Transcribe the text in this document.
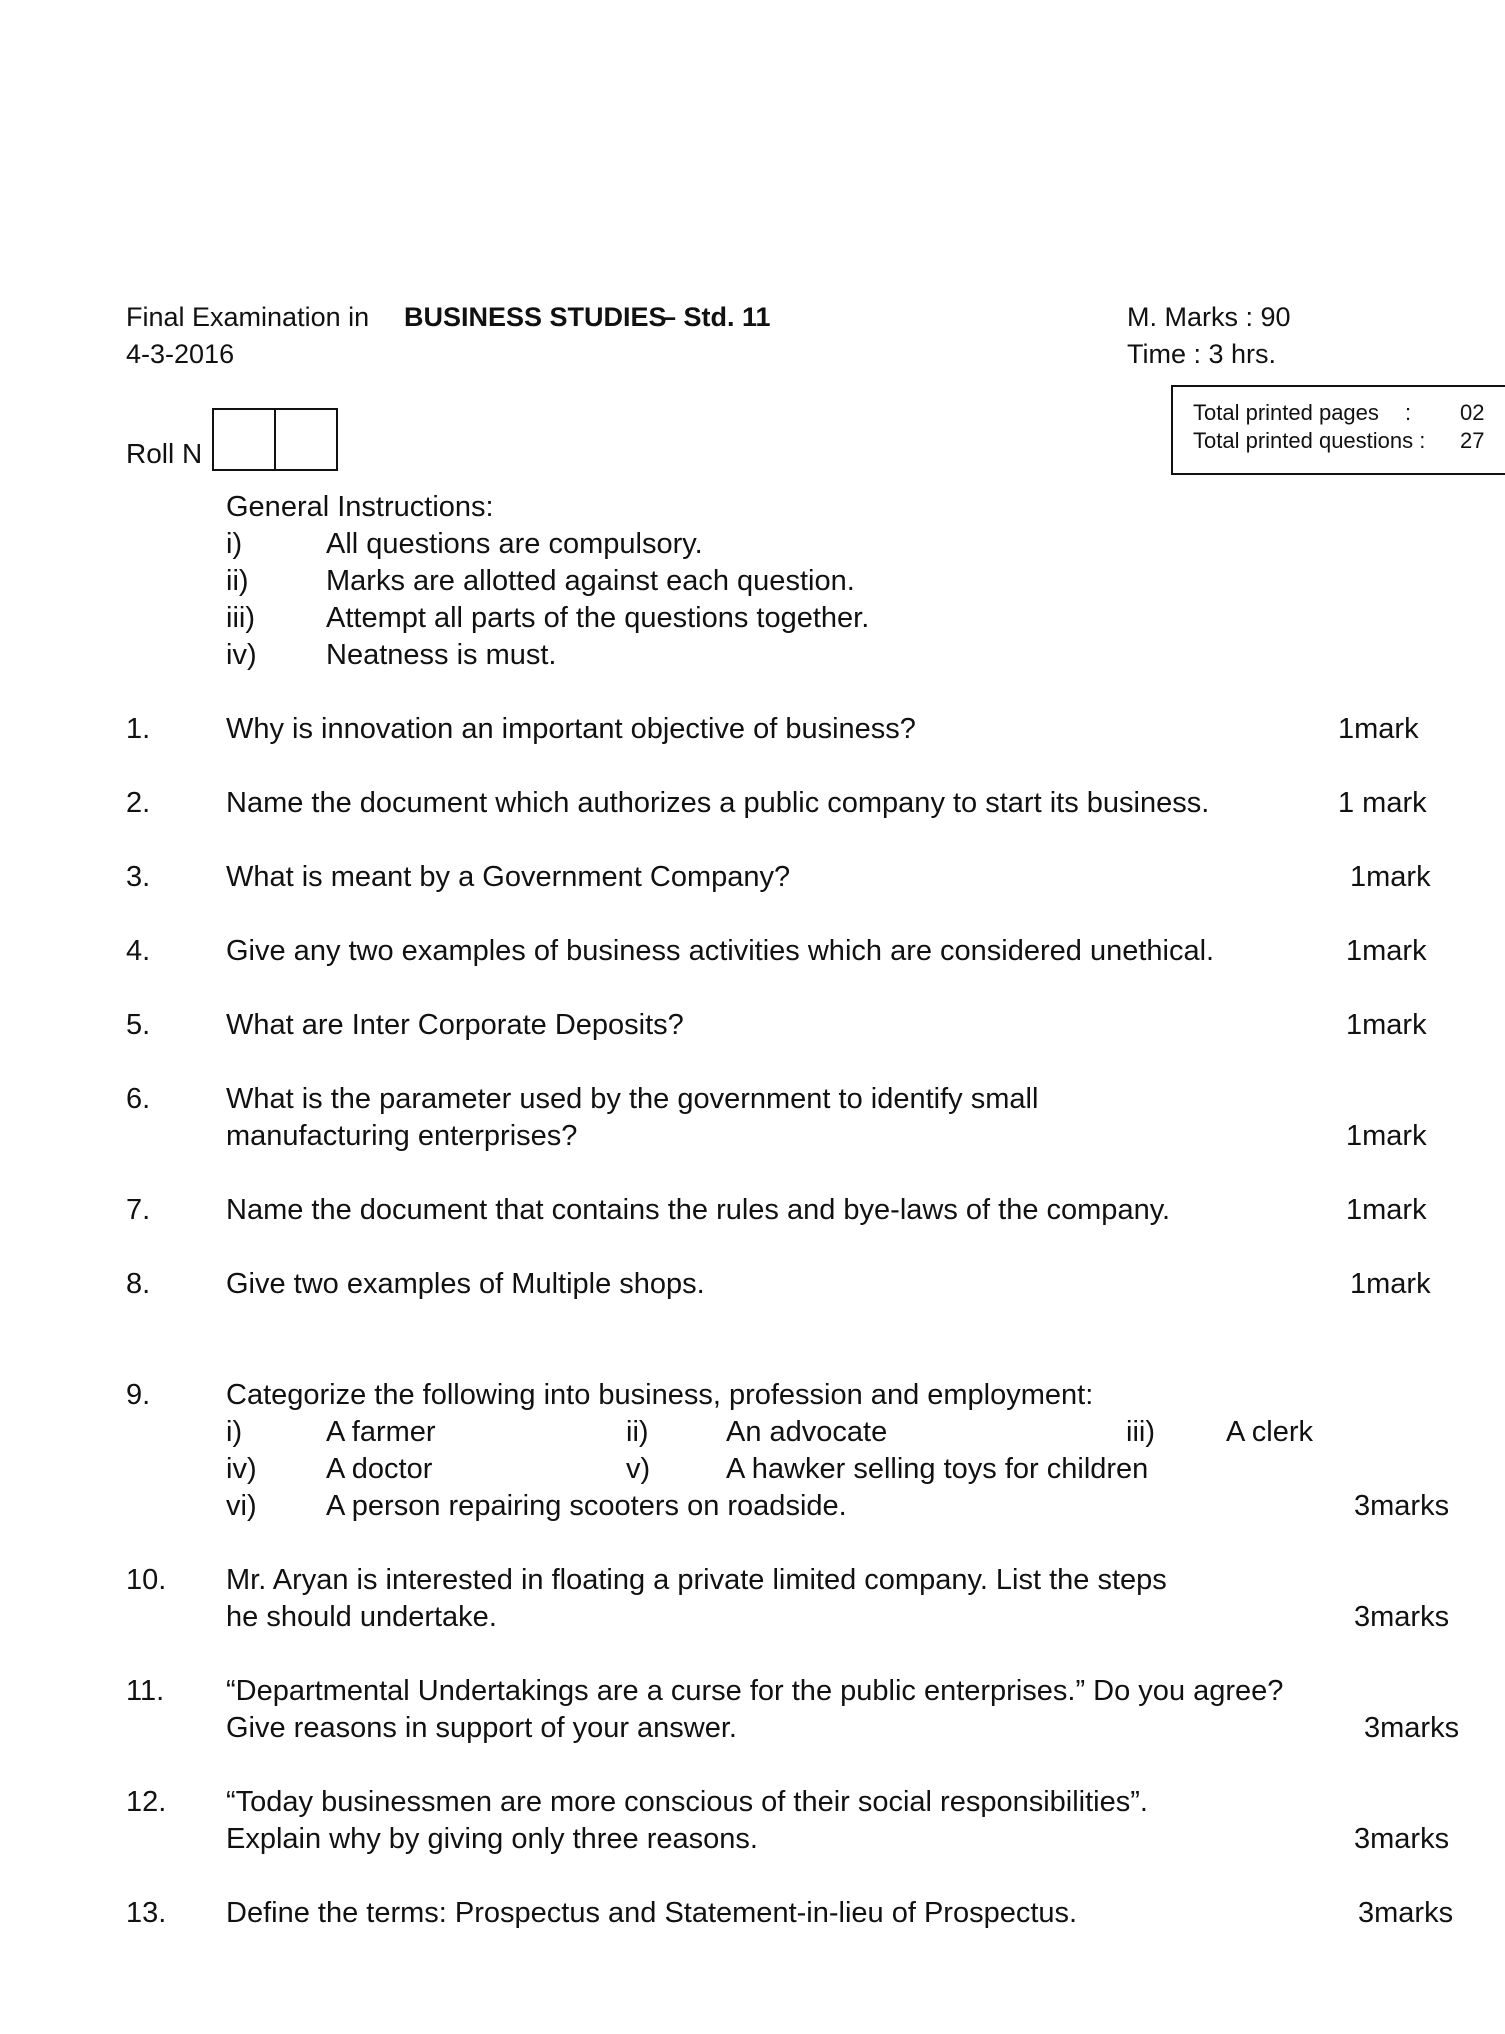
Final Examination in BUSINESS STUDIES
– Std. 11
4-3-2016
M. Marks : 90
Time : 3 hrs.
Roll N
Total printed pages : 02
Total printed questions : 27
General Instructions:
i)	All questions are compulsory.
ii)	Marks are allotted against each question.
iii) Attempt all parts of the questions together.
iv) Neatness is must.
1.	Why is innovation an important objective of business?	1mark
2.	Name the document which authorizes a public company to start its business.	1 mark
3.	What is meant by a Government Company?	1mark
4.	Give any two examples of business activities which are considered unethical.	1mark
5.	What are Inter Corporate Deposits?	1mark
6.	What is the parameter used by the government to identify small
manufacturing enterprises?	1mark
7.	Name the document that contains the rules and bye-laws of the company.	1mark
8.	Give two examples of Multiple shops.	1mark
9.	Categorize the following into business, profession and employment:
i)	A farmer	ii)	An advocate	iii) A clerk
iv) A doctor	v)	A hawker selling toys for children
vi) A person repairing scooters on roadside.	3marks
10. Mr. Aryan is interested in floating a private limited company. List the steps
he should undertake.	3marks
11. “Departmental Undertakings are a curse for the public enterprises.” Do you agree?
Give reasons in support of your answer.	3marks
12. “Today businessmen are more conscious of their social responsibilities”.
Explain why by giving only three reasons.	3marks
13. Define the terms: Prospectus and Statement-in-lieu of Prospectus.	3marks
